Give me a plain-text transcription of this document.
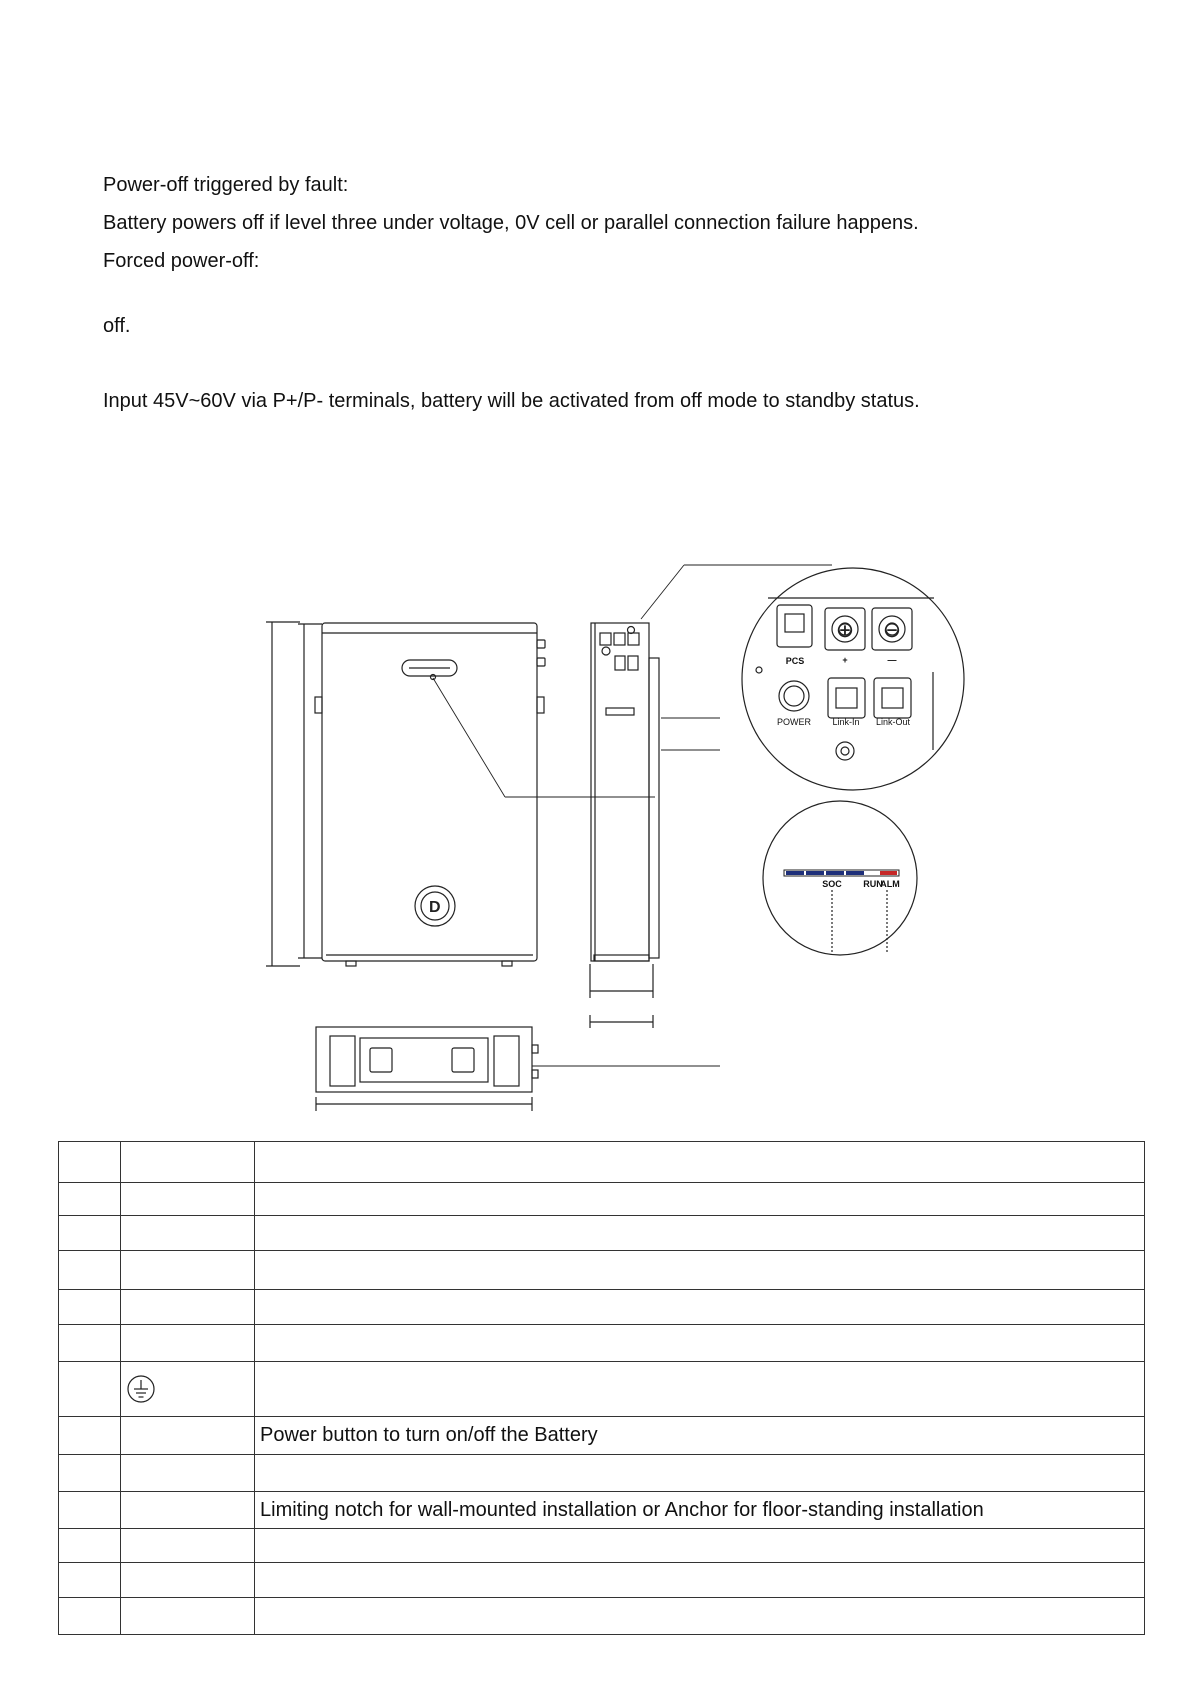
Power-off triggered by fault:
Battery powers off if level three under voltage, 0V cell or parallel connection failure happens.
Forced power-off:
off.
Input 45V~60V via P+/P- terminals, battery will be activated from off mode to standby status.
D
⊕ ⊖
PCS	+	—
POWER Link-In Link-Out
SOC RUN
ALM

		Power button to turn on/off the Battery

		Limiting notch for wall-mounted installation or Anchor for floor-standing installation
